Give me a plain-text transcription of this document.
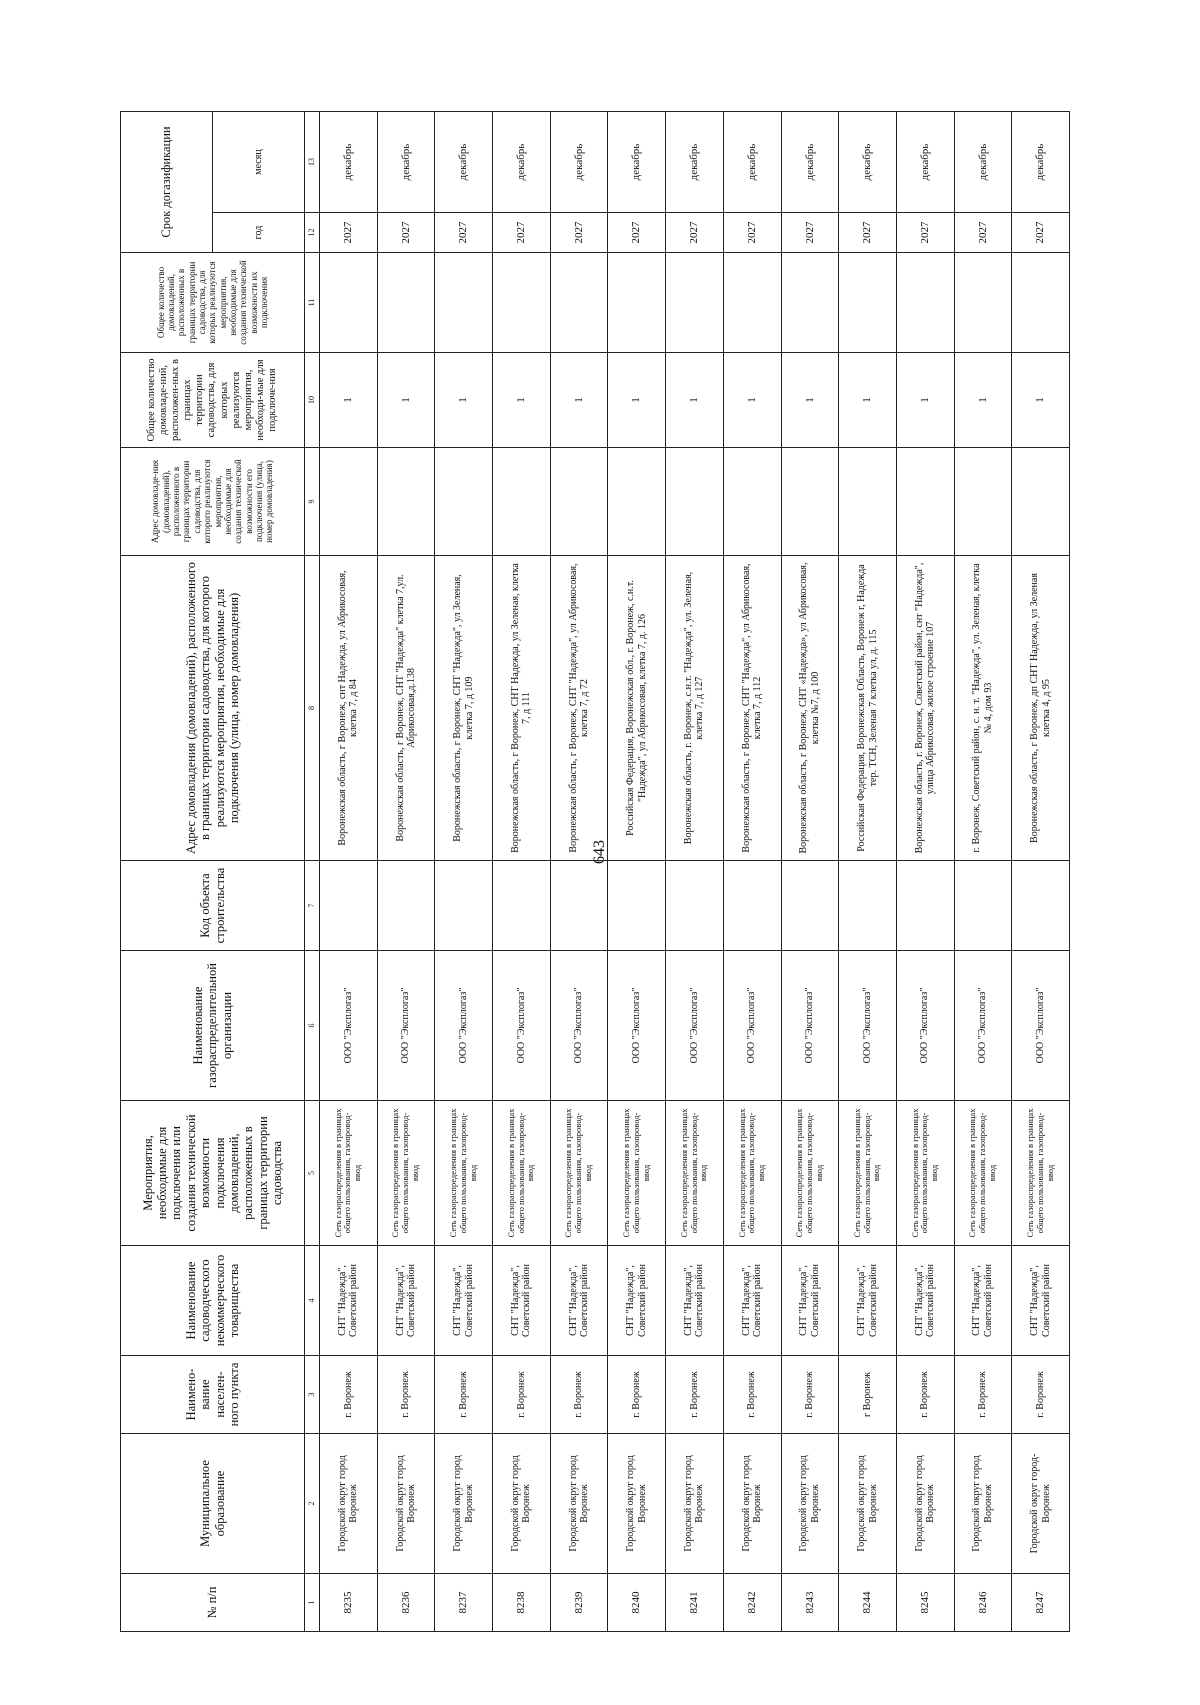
643
№ п/п	Муниципальное образование	Наимено-вание населен-ного пункта	Наименование садоводческого некоммерческого товарищества	Мероприятия, необходимые для подключения или создания технической возможности подключения домовладений, расположенных в границах территории садоводства	Наименование газораспределительной организации	Код объекта строительства	Адрес домовладения (домовладений), расположенного в границах территории садоводства, для которого реализуются мероприятия, необходимые для подключения (улица, номер домовладения)	Адрес домовладе-ния (домовладений), расположенного в границах территории садоводства, для которого реализуются мероприятия, необходимые для создания технической возможности его подключения (улица, номер домовладения)	Общее количество домовладе-ний, расположен-ных в границах территории садоводства, для которых реализуются мероприятия, необходи-мые для подключе-ния	Общее количество домовладений, расположенных в границах территории садоводства, для которых реализуются мероприятия, необходимые для создания технической возможности их подключения	Срок догазификации	
											год	месяц
1	2	3	4	5	6	7	8	9	10	11	12	13
8235	Городской округ город Воронеж	г. Воронеж	СНТ "Надежда", Советский район	Сеть газораспределения в границах общего пользования, газопровод-ввод	ООО "Эксплогаз"		Воронежская область, г Воронеж, снт Надежда, ул Абрикосовая, клетка 7, д 84		1		2027	декабрь
8236	Городской округ город Воронеж	г. Воронеж	СНТ "Надежда", Советский район	Сеть газораспределения в границах общего пользования, газопровод-ввод	ООО "Эксплогаз"		Воронежская область, г Воронеж, СНТ "Надежда" клетка 7,ул. Абрикосовая,д.138		1		2027	декабрь
8237	Городской округ город Воронеж	г. Воронеж	СНТ "Надежда", Советский район	Сеть газораспределения в границах общего пользования, газопровод-ввод	ООО "Эксплогаз"		Воронежская область, г Воронеж, СНТ "Надежда", ул Зеленая, клетка 7, д 109		1		2027	декабрь
8238	Городской округ город Воронеж	г. Воронеж	СНТ "Надежда", Советский район	Сеть газораспределения в границах общего пользования, газопровод-ввод	ООО "Эксплогаз"		Воронежская область, г Воронеж, СНТ Надежда, ул Зеленая, клетка 7, д 111		1		2027	декабрь
8239	Городской округ город Воронеж	г. Воронеж	СНТ "Надежда", Советский район	Сеть газораспределения в границах общего пользования, газопровод-ввод	ООО "Эксплогаз"		Воронежская область, г Воронеж, СНТ "Надежда", ул Абрикосовая, клетка 7, д 72		1		2027	декабрь
8240	Городской округ город Воронеж	г. Воронеж	СНТ "Надежда", Советский район	Сеть газораспределения в границах общего пользования, газопровод-ввод	ООО "Эксплогаз"		Российская Федерация, Воронежская обл., г. Воронеж, с.н.т. "Надежда", ул Абрикосовая, клетка 7, д. 126		1		2027	декабрь
8241	Городской округ город Воронеж	г. Воронеж	СНТ "Надежда", Советский район	Сеть газораспределения в границах общего пользования, газопровод-ввод	ООО "Эксплогаз"		Воронежская область, г. Воронеж, с.н.т. "Надежда", ул. Зеленая, клетка 7, д 127		1		2027	декабрь
8242	Городской округ город Воронеж	г. Воронеж	СНТ "Надежда", Советский район	Сеть газораспределения в границах общего пользования, газопровод-ввод	ООО "Эксплогаз"		Воронежская область, г Воронеж, СНТ "Надежда", ул Абрикосовая, клетка 7, д 112		1		2027	декабрь
8243	Городской округ город Воронеж	г. Воронеж	СНТ "Надежда", Советский район	Сеть газораспределения в границах общего пользования, газопровод-ввод	ООО "Эксплогаз"		Воронежская область, г Воронеж, СНТ «Надежда», ул Абрикосовая, клетка №7, д 100		1		2027	декабрь
8244	Городской округ город Воронеж	г Воронеж	СНТ "Надежда", Советский район	Сеть газораспределения в границах общего пользования, газопровод-ввод	ООО "Эксплогаз"		Российская Федерация, Воронежская Область, Воронеж г, Надежда тер. ТСН, Зеленая 7 клетка ул, д. 115		1		2027	декабрь
8245	Городской округ город Воронеж	г. Воронеж	СНТ "Надежда", Советский район	Сеть газораспределения в границах общего пользования, газопровод-ввод	ООО "Эксплогаз"		Воронежская область, г. Воронеж, Советский район, снт "Надежда", улица Абрикосовая, жилое строение 107		1		2027	декабрь
8246	Городской округ город Воронеж	г. Воронеж	СНТ "Надежда", Советский район	Сеть газораспределения в границах общего пользования, газопровод-ввод	ООО "Эксплогаз"		г. Воронеж, Советский район, с. н. т. "Надежда", ул. Зеленая, клетка № 4, дом 93		1		2027	декабрь
8247	Городской округ город-Воронеж	г. Воронеж	СНТ "Надежда", Советский район	Сеть газораспределения в границах общего пользования, газопровод-ввод	ООО "Эксплогаз"		Воронежская область, г Воронеж, дп СНТ Надежда, ул Зеленая клетка 4, д 95		1		2027	декабрь
